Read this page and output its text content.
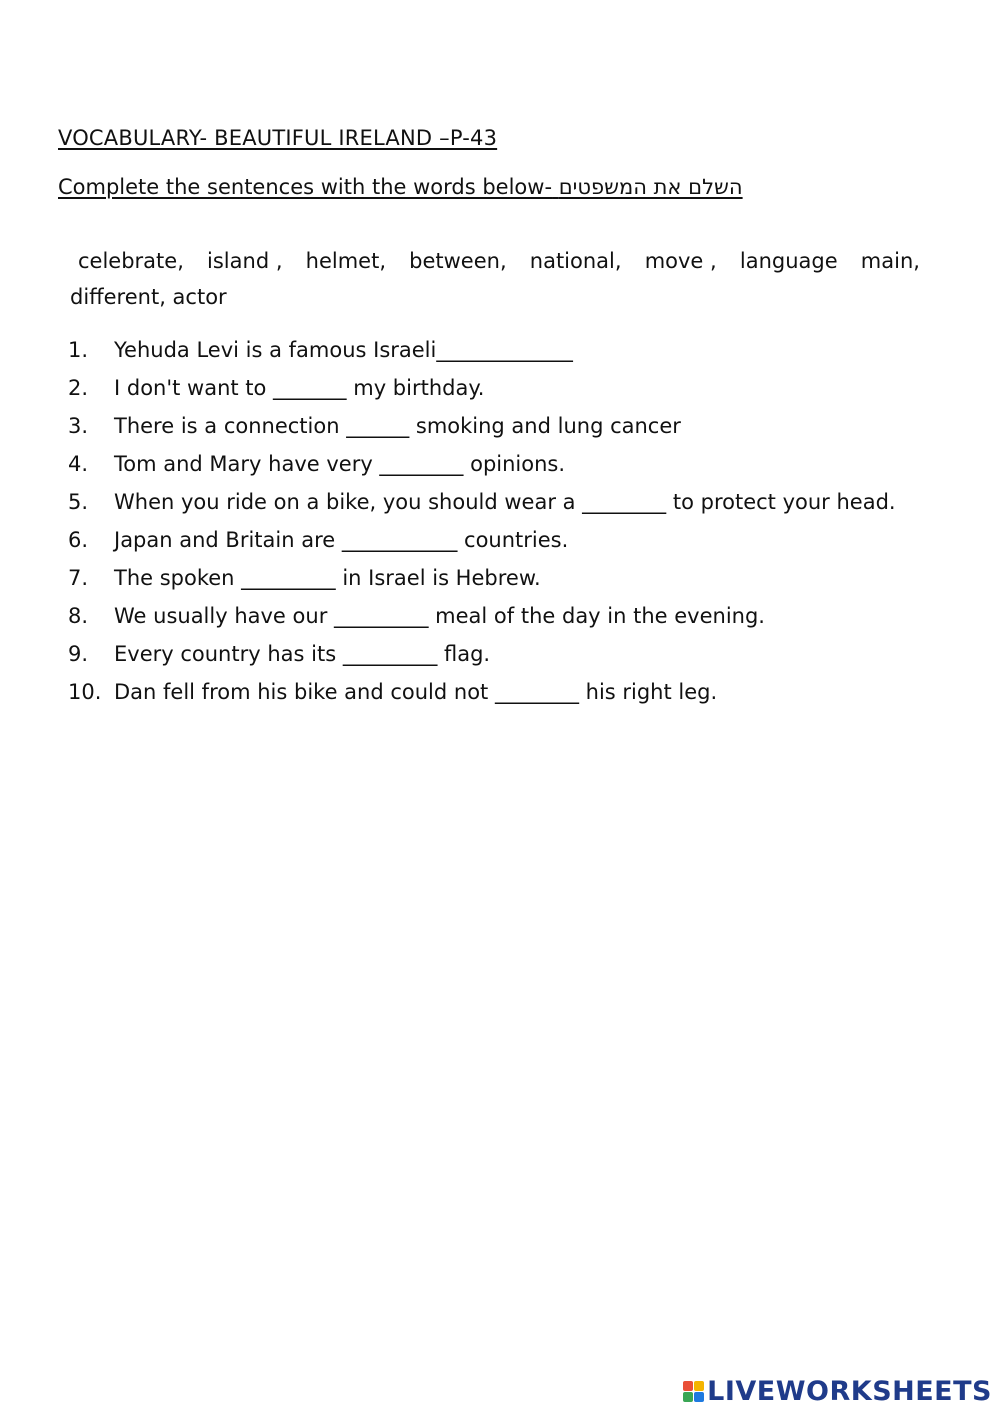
VOCABULARY- BEAUTIFUL IRELAND –P-43
Complete the sentences with the words below- השלם את המשפטים
celebrate, island , helmet, between, national, move , language main,
different, actor
1.	Yehuda Levi is a famous Israeli_____________
2.	I don't want to _______ my birthday.
3.	There is a connection ______ smoking and lung cancer
4.	Tom and Mary have very ________ opinions.
5.	When you ride on a bike, you should wear a ________ to protect your head.
6.	Japan and Britain are ___________ countries.
7.	The spoken _________ in Israel is Hebrew.
8.	We usually have our _________ meal of the day in the evening.
9.	Every country has its _________ flag.
10. Dan fell from his bike and could not ________ his right leg.
LIVEWORKSHEETS
